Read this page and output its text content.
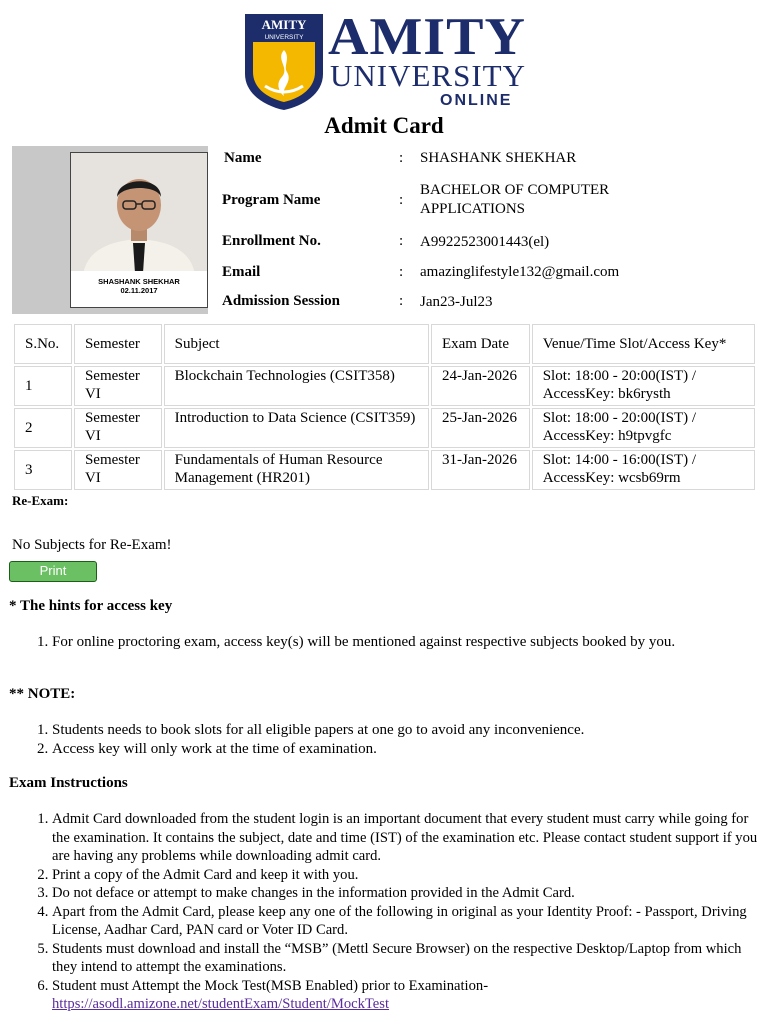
AMITY
UNIVERSITY AMITY
UNIVERSITY
ONLINE
Admit Card
SHASHANK SHEKHAR
02.11.2017
Name	: SHASHANK SHEKHAR
Program Name	:
BACHELOR OF COMPUTER
APPLICATIONS
Enrollment No.	: A9922523001443(el)
Email	: amazinglifestyle132@gmail.com
Admission Session	: Jan23-Jul23
S.No.	Semester	Subject	Exam Date	Venue/Time Slot/Access Key*
1	Semester VI	Blockchain Technologies (CSIT358)	24-Jan-2026	Slot: 18:00 - 20:00(IST) /
AccessKey: bk6rysth

2	Semester VI	Introduction to Data Science (CSIT359)	25-Jan-2026	Slot: 18:00 - 20:00(IST) /
AccessKey: h9tpvgfc

3	Semester VI	Fundamentals of Human Resource Management (HR201)	31-Jan-2026	Slot: 14:00 - 16:00(IST) /
AccessKey: wcsb69rm
Re-Exam:
No Subjects for Re-Exam!
Print
* The hints for access key
1. For online proctoring exam, access key(s) will be mentioned against respective subjects booked by you.
** NOTE:
1. Students needs to book slots for all eligible papers at one go to avoid any inconvenience.
2. Access key will only work at the time of examination.
Exam Instructions
1. Admit Card downloaded from the student login is an important document that every student must carry while going for the examination. It contains the subject, date and time (IST) of the examination etc. Please contact student support if you are having any problems while downloading admit card.
2. Print a copy of the Admit Card and keep it with you.
3. Do not deface or attempt to make changes in the information provided in the Admit Card.
4. Apart from the Admit Card, please keep any one of the following in original as your Identity Proof: - Passport, Driving License, Aadhar Card, PAN card or Voter ID Card.
5. Students must download and install the “MSB” (Mettl Secure Browser) on the respective Desktop/Laptop from which they intend to attempt the examinations.
6. Student must Attempt the Mock Test(MSB Enabled) prior to Examination-
https://asodl.amizone.net/studentExam/Student/MockTest
